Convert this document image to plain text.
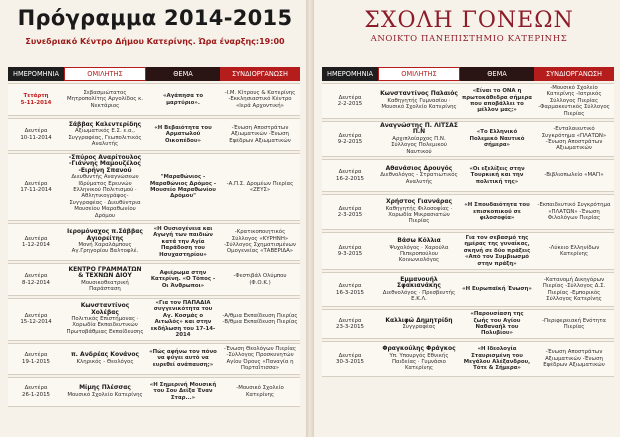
Πρόγραμμα 2014-2015
Συνεδριακό Κέντρο Δήμου Κατερίνης. Ώρα έναρξης:19:00
ΗΜΕΡΟΜΗΝΙΑ	ΟΜΙΛΗΤΗΣ	ΘΕΜΑ	ΣΥΝΔΙΟΡΓΑΝΩΣΗ

Τετάρτη
5-11-2014	Σεβασμιώτατος Μητροπολίτης Αργολίδος κ. Νεκτάριος	«Αγάπησα το μαρτύριο».	-Ι.Μ. Κίτρους & Κατερίνης -Εκκλησιαστικό Κέντρο «Ιερά Αρχοντική»

Δευτέρα
10-11-2014	Σάββας Καλεντερίδης
Αξιωματικός Ε.Σ. ε.α., Συγγραφέας, Γεωπολιτικός Αναλυτής	«Η Βεβαιότητα του Αρματωλού Οικοπέδου»	-Ένωση Αποστράτων Αξιωματικών -Ένωση Εφέδρων Αξιωματικών

Δευτέρα
17-11-2014	-Σπύρος Αναρίτουλος
-Γιάννης Μαμουζέλος
-Ειρήνη Σπανού
Διευθυντής Αναγνώσεων Ιδρύματος Ερευνών Ελληνικού Πολιτισμού · Αθλητικογράφος-Συγγραφέας · Διευθύντρια Μουσείου Μαραθωνίου Δρόμου	"Μαραθώνιος - Μαραθώνιος Δρόμος - Μουσείο Μαραθωνίου Δρόμου"	-Α.Π.Σ. Δρομέων Πιερίας «ΖΕΥΣ»

Δευτέρα
1-12-2014	Ιερομόναχος π.Σάββας Αγιορείτης
Μονή Χαραλάμπους Αγ.Γρηγορίου Βαλτοφλέ.	«Η Ουσιογένεια και Αγωγή των παιδιών κατά την Αγία Παράδοση του Ησυχαστηρίου»	-Κρατικοποιητικός Σύλλογος «ΚΥΡΗΝΗ» -Σύλλογος Σχηματισμένων Ομογενείας «ΤΑΒΕΡΙΔΑ»

Δευτέρα
8-12-2014	ΚΕΝΤΡΟ ΓΡΑΜΜΑΤΩΝ & ΤΕΧΝΩΝ ΔΙΟΥ
Μουσικοθεατρική Παράσταση	Αφιέρωμα στην Κατερίνη. «Ο Τόπος - Οι Άνθρωποι»	-Φεστιβάλ Ολύμπου (Φ.Ο.Κ.)

Δευτέρα
15-12-2014	Κωνσταντίνος Χολέβας
Πολιτικός Επιστήμονας · Χορωδία Εκπαιδευτικών Πρωτοβάθμιας Εκπαίδευσης	«Για τον ΠΑΠΑΔΙΑ συγγενικότητα του Αγ. Κοσμάς ο Αιτωλός» και στην εκδήλωση του 17-14-2014	-Α/θμια Εκπαίδευση Πιερίας -Β/θμια Εκπαίδευση Πιερίας

Δευτέρα
19-1-2015	π. Ανδρέας Κονάνος
Κληρικός - Θεολόγος	«Πώς αφήνω τον πόνο να φύγει αυτό να ευρεθεί ανάπαυση;»	-Ένωση Θεολόγων Πιερίας -Σύλλογος Προσκυνητών Αγίου Όρους «Παναγία η Πορταΐτισσα»

Δευτέρα
26-1-2015	Μίμης Πλέσσας
Μουσικό Σχολείο Κατερίνης	«Η Σημερινή Μουσική του Σου Δείξα Έναν Σταρ...»	-Μουσικό Σχολείο Κατερίνης
ΣΧΟΛΗ ΓΟΝΕΩΝ
ΑΝΟΙΚΤΟ ΠΑΝΕΠΙΣΤΗΜΙΟ ΚΑΤΕΡΙΝΗΣ
ΗΜΕΡΟΜΗΝΙΑ	ΟΜΙΛΗΤΗΣ	ΘΕΜΑ	ΣΥΝΔΙΟΡΓΑΝΩΣΗ

Δευτέρα
2-2-2015	Κωνσταντίνος Παλαιός
Καθηγητής Γυμνασίου · Μουσικό Σχολείο Κατερίνης	«Είναι το ΟΝΑ η πρωτοκάθεδρα σήμερα που αποβάλλει το μέλλον μας;»	-Μουσικό Σχολείο Κατερίνης -Ιατρικός Σύλλογος Πιερίας -Φαρμακευτικός Σύλλογος Πιερίας

Δευτέρα
9-2-2015	Αναγνώστης Π. ΛΙΤΣΑΣ Π.Ν
Αρχιπλοίαρχος Π.Ν. Σύλλογος Πολεμικού Ναυτικού	«Το Ελληνικό Πολεμικό Ναυτικό σήμερα»	-Ενταλαιευτικό Συγκρότημα «ΠΛΑΤΩΝ» -Ένωση Αποστράτων Αξιωματικών

Δευτέρα
16-2-2015	Αθανάσιος Δρουγός
Διεθνολόγος - Στρατιωτικός Αναλυτής	«Οι εξελίξεις στην Τουρκική και την πολιτική της»	-Βιβλιοπωλείο «ΜΑΓΙ»

Δευτέρα
2-3-2015	Χρήστος Γιαννάρας
Καθηγητής Φιλοσοφίας · Χορωδία Μικρασιατών Πιερίας	«Η Σπουδαιότητα του επισκοπικού σε φιλοσοφία»	-Εκπαιδευτικό Συγκρότημα «ΠΛΑΤΩΝ» -Ένωση Φιλολόγων Πιερίας

Δευτέρα
9-3-2015	Βάσω Κόλλια
Ψυχολόγος · Χαρούλα Πιπεροπούλου Κοινωνιολόγος	Για τον σεβασμό της ημέρας της γυναίκας, σκηνή σε δύο πράξεις «Από τον Συμβιωσμό στην πράξη»	-Λύκειο Ελληνίδων Κατερίνης

Δευτέρα
16-3-2015	Εμμανουήλ Σφακιανάκης
Διεθνολόγος · Πρεσβευτής Ε.Κ.Λ.	«Η Ευρωπαϊκή Ένωση»	-Κατανομή Δικηγόρων Πιερίας -Σύλλογος Δ.Σ. Πιερίας -Εμπορικός Σύλλογος Κατερίνης

Δευτέρα
23-3-2015	Καλλιφώ Δημητρίδη
Συγγραφέας	«Παρουσίαση της ζωής του Αγίου Ναθαναήλ του Πολυβίου»	-Περιφερειακή Ενότητα Πιερίας

Δευτέρα
30-3-2015	Φραγκούλης Φράγκος
Υπ. Υπουργός Εθνικής Παιδείας · Γυμνάσιο Κατερίνης	«Η Ιδεολογία Σταυρισμένη του Μεγάλου Αλέξανδρου, Τότε & Σήμερα»	-Ένωση Αποστράτων Αξιωματικών -Ένωση Εφέδρων Αξιωματικών
